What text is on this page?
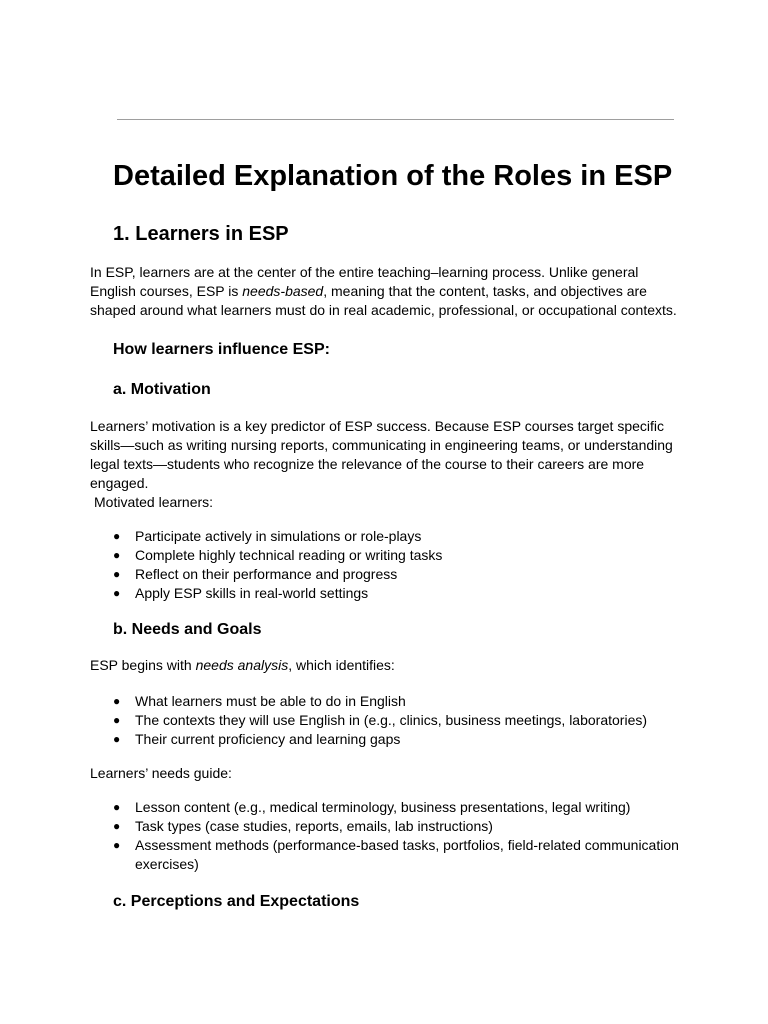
Detailed Explanation of the Roles in ESP
1. Learners in ESP

In ESP, learners are at the center of the entire teaching–learning process. Unlike general
English courses, ESP is needs-based, meaning that the content, tasks, and objectives are
shaped around what learners must do in real academic, professional, or occupational contexts.

How learners influence ESP:
a. Motivation

Learners’ motivation is a key predictor of ESP success. Because ESP courses target specific
skills—such as writing nursing reports, communicating in engineering teams, or understanding
legal texts—students who recognize the relevance of the course to their careers are more
engaged.
Motivated learners:

● Participate actively in simulations or role-plays
● Complete highly technical reading or writing tasks
● Reflect on their performance and progress
● Apply ESP skills in real-world settings
b. Needs and Goals

ESP begins with needs analysis, which identifies:

● What learners must be able to do in English
● The contexts they will use English in (e.g., clinics, business meetings, laboratories)
● Their current proficiency and learning gaps

Learners’ needs guide:

● Lesson content (e.g., medical terminology, business presentations, legal writing)
● Task types (case studies, reports, emails, lab instructions)
● Assessment methods (performance-based tasks, portfolios, field-related communication exercises)
c. Perceptions and Expectations
